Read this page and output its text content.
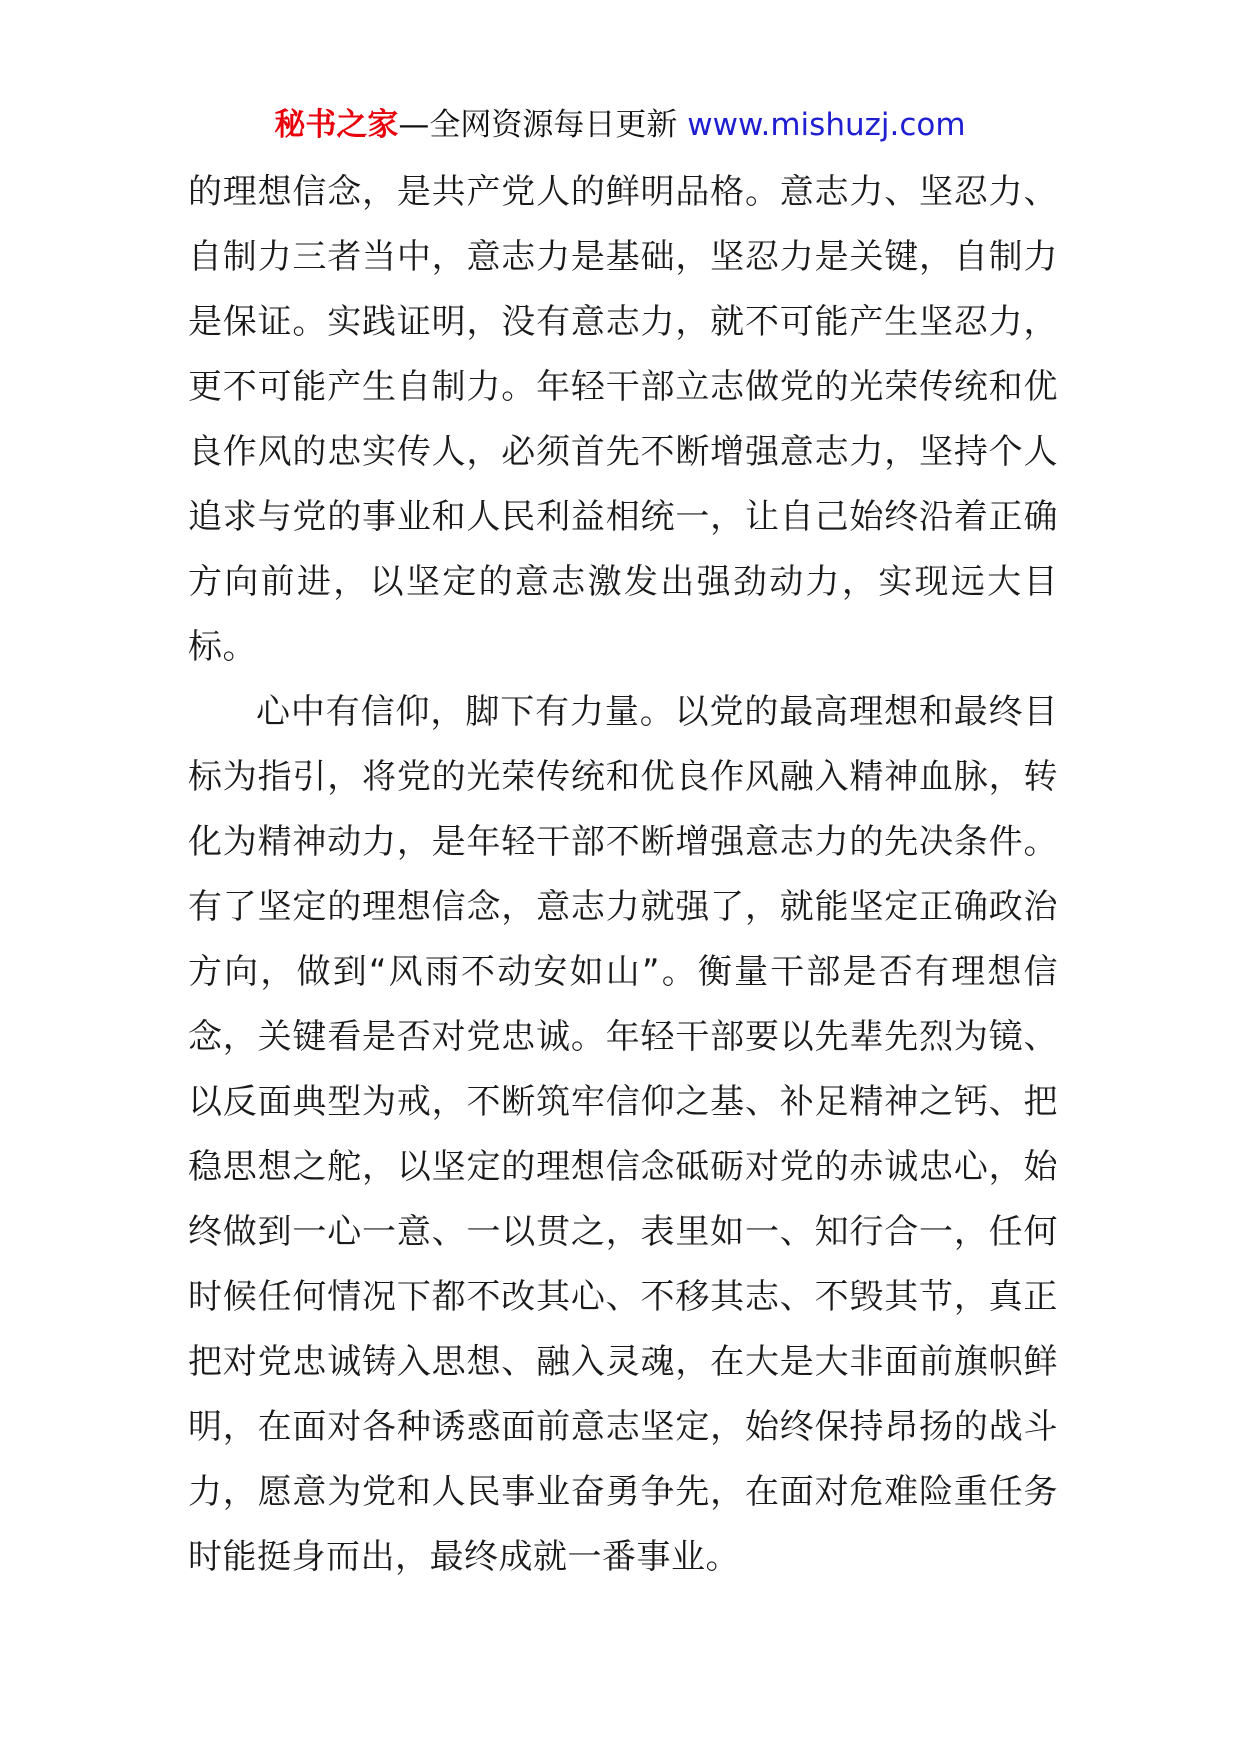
秘书之家—全网资源每日更新 www.mishuzj.com

的理想信念，是共产党人的鲜明品格。意志力、坚忍力、自制力三者当中，意志力是基础，坚忍力是关键，自制力是保证。实践证明，没有意志力，就不可能产生坚忍力，更不可能产生自制力。年轻干部立志做党的光荣传统和优良作风的忠实传人，必须首先不断增强意志力，坚持个人追求与党的事业和人民利益相统一，让自己始终沿着正确方向前进，以坚定的意志激发出强劲动力，实现远大目标。

心中有信仰，脚下有力量。以党的最高理想和最终目标为指引，将党的光荣传统和优良作风融入精神血脉，转化为精神动力，是年轻干部不断增强意志力的先决条件。有了坚定的理想信念，意志力就强了，就能坚定正确政治方向，做到“风雨不动安如山”。衡量干部是否有理想信念，关键看是否对党忠诚。年轻干部要以先辈先烈为镜、以反面典型为戒，不断筑牢信仰之基、补足精神之钙、把稳思想之舵，以坚定的理想信念砥砺对党的赤诚忠心，始终做到一心一意、一以贯之，表里如一、知行合一，任何时候任何情况下都不改其心、不移其志、不毁其节，真正把对党忠诚铸入思想、融入灵魂，在大是大非面前旗帜鲜明，在面对各种诱惑面前意志坚定，始终保持昂扬的战斗力，愿意为党和人民事业奋勇争先，在面对危难险重任务时能挺身而出，最终成就一番事业。
